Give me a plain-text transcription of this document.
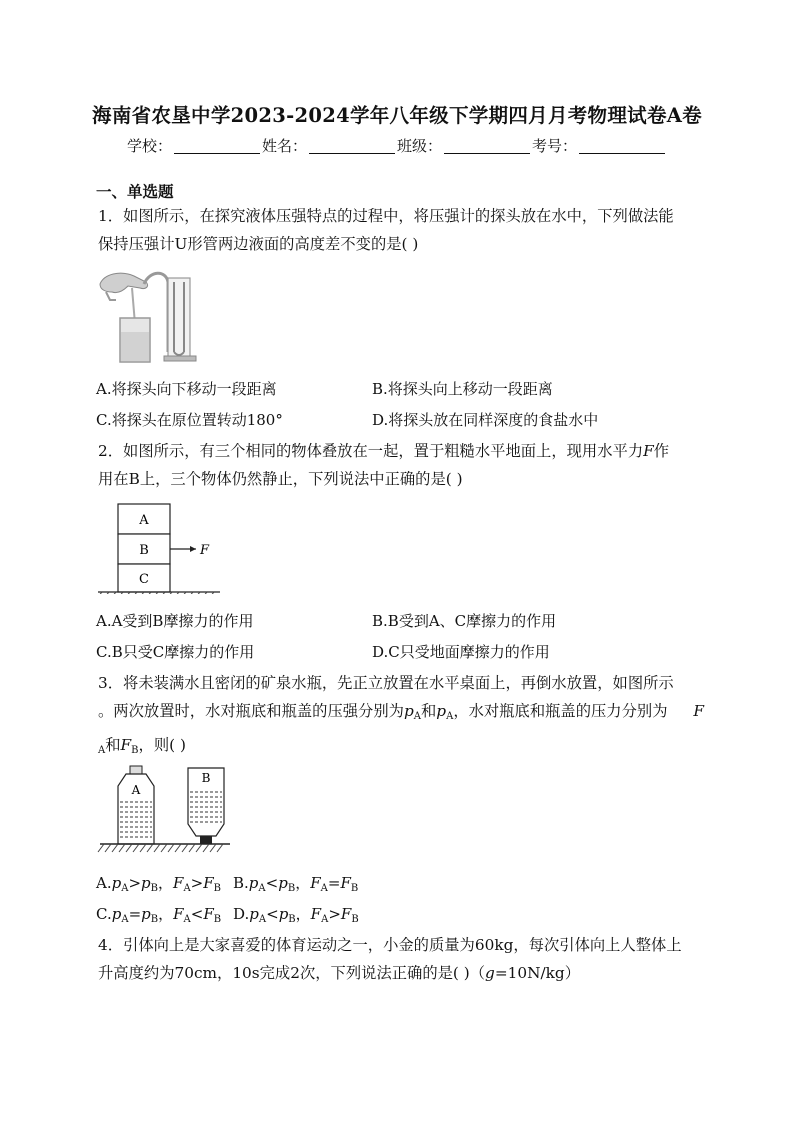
海南省农垦中学2023-2024学年八年级下学期四月月考物理试卷A卷
学校：	姓名：	班级：	考号：
一、单选题
1．如图所示，在探究液体压强特点的过程中，将压强计的探头放在水中，下列做法能
保持压强计U形管两边液面的高度差不变的是( )
A.将探头向下移动一段距离	B.将探头向上移动一段距离
C.将探头在原位置转动180°	D.将探头放在同样深度的食盐水中
2．如图所示，有三个相同的物体叠放在一起，置于粗糙水平地面上，现用水平力F作
用在B上，三个物体仍然静止，下列说法中正确的是( )
A
B
C
F
A.A受到B摩擦力的作用	B.B受到A、C摩擦力的作用
C.B只受C摩擦力的作用	D.C只受地面摩擦力的作用
3．将未装满水且密闭的矿泉水瓶，先正立放置在水平桌面上，再倒水放置，如图所示
。两次放置时，水对瓶底和瓶盖的压强分别为$p_A$和$p_A$，水对瓶底和瓶盖的压力分别为 F
$_A$和$F_B$，则( )
A
B
$A.p_A>p_B$，$F_A>F_B$ $B.p_A<p_B$，$F_A=F_B$
$C.p_A=p_B$，$F_A<F_B$ $D.p_A<p_B$，$F_A>F_B$
4．引体向上是大家喜爱的体育运动之一，小金的质量为60kg，每次引体向上人整体上
升高度约为70cm，10s完成2次，下列说法正确的是( )（g=10N/kg）
